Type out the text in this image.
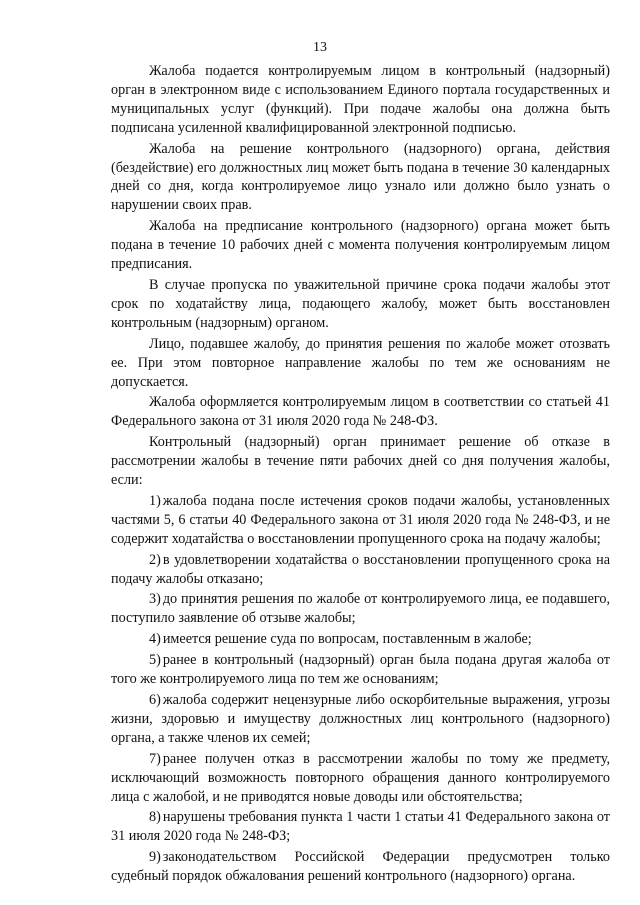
13

Жалоба подается контролируемым лицом в контрольный (надзорный) орган в электронном виде с использованием Единого портала государственных и муниципальных услуг (функций). При подаче жалобы она должна быть подписана усиленной квалифицированной электронной подписью.

Жалоба на решение контрольного (надзорного) органа, действия (бездействие) его должностных лиц может быть подана в течение 30 календарных дней со дня, когда контролируемое лицо узнало или должно было узнать о нарушении своих прав.

Жалоба на предписание контрольного (надзорного) органа может быть подана в течение 10 рабочих дней с момента получения контролируемым лицом предписания.

В случае пропуска по уважительной причине срока подачи жалобы этот срок по ходатайству лица, подающего жалобу, может быть восстановлен контрольным (надзорным) органом.

Лицо, подавшее жалобу, до принятия решения по жалобе может отозвать ее. При этом повторное направление жалобы по тем же основаниям не допускается.

Жалоба оформляется контролируемым лицом в соответствии со статьей 41 Федерального закона от 31 июля 2020 года № 248-ФЗ.

Контрольный (надзорный) орган принимает решение об отказе в рассмотрении жалобы в течение пяти рабочих дней со дня получения жалобы, если:

1) жалоба подана после истечения сроков подачи жалобы, установленных частями 5, 6 статьи 40 Федерального закона от 31 июля 2020 года № 248-ФЗ, и не содержит ходатайства о восстановлении пропущенного срока на подачу жалобы;

2) в удовлетворении ходатайства о восстановлении пропущенного срока на подачу жалобы отказано;

3) до принятия решения по жалобе от контролируемого лица, ее подавшего, поступило заявление об отзыве жалобы;

4) имеется решение суда по вопросам, поставленным в жалобе;

5) ранее в контрольный (надзорный) орган была подана другая жалоба от того же контролируемого лица по тем же основаниям;

6) жалоба содержит нецензурные либо оскорбительные выражения, угрозы жизни, здоровью и имуществу должностных лиц контрольного (надзорного) органа, а также членов их семей;

7) ранее получен отказ в рассмотрении жалобы по тому же предмету, исключающий возможность повторного обращения данного контролируемого лица с жалобой, и не приводятся новые доводы или обстоятельства;

8) нарушены требования пункта 1 части 1 статьи 41 Федерального закона от 31 июля 2020 года № 248-ФЗ;

9) законодательством Российской Федерации предусмотрен только судебный порядок обжалования решений контрольного (надзорного) органа.
